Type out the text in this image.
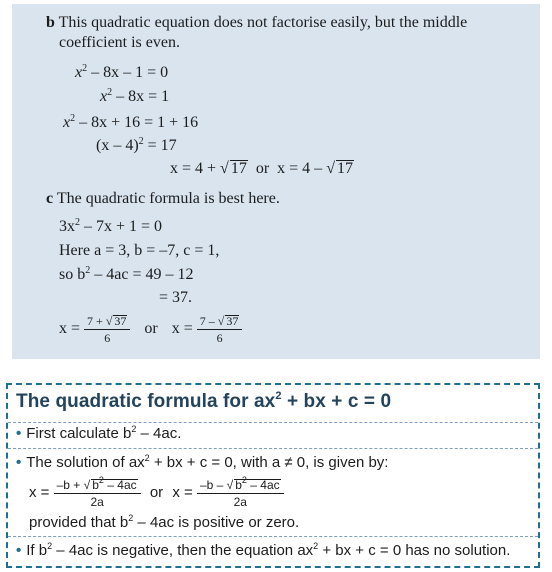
b This quadratic equation does not factorise easily, but the middle
coefficient is even.
$x^2 - 8x - 1 = 0$
$x^2 - 8x = 1$
$x^2 - 8x + 16 = 1 + 16$
(x – 4)$^2$ = 17
x = 4 + √ 17  or  x = 4 – √ 17
c The quadratic formula is best here.
$3x^2 - 7x + 1 = 0$
Here a = 3, b = –7, c = 1,
so $b^2 - 4ac = 49 - 12$
= 37.
$x = \frac{7 + √ 37}{6}$ or $x = \frac{7 - √ 37}{6}$
The quadratic formula for $ax^2$ + bx + c = 0
• First calculate $b^2 - 4ac$.
• The solution of $ax^2$ + bx + c = 0, with a ≠ 0, is given by:
$x = \frac{-b + √ b^2 - 4ac}{2a}$ or $x = \frac{-b - √ b^2 - 4ac}{2a}$
provided that $b^2 - 4ac$ is positive or zero.
• If $b^2 - 4ac$ is negative, then the equation $ax^2$ + bx + c = 0 has no solution.
